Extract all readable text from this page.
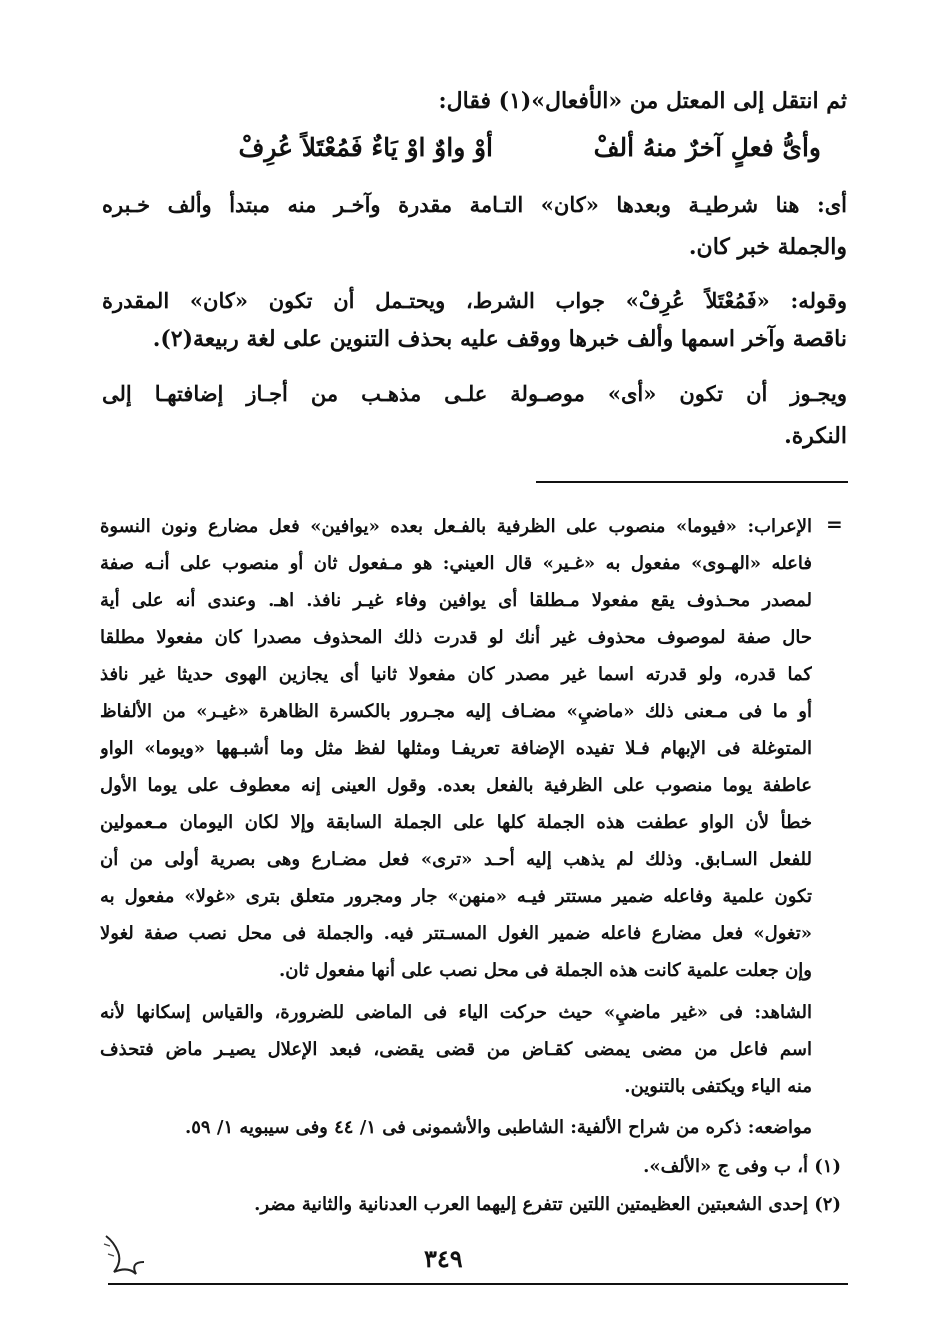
ثم انتقل إلى المعتل من «الأفعال»(١) فقال:
وأىُّ فعلٍ آخرٌ منهُ ألفْ
أوْ واوٌ اوْ يَاءٌ فَمُعْتَلاً عُرِفْ
أى: هنا شرطيـة وبعدها «كان» التـامة مقدرة وآخـر منه مبتدأ وألف خـبره
والجملة خبر كان.
وقوله: «فَمُعْتَلاً عُرِفْ» جواب الشرط، ويحتـمل أن تكون «كان» المقدرة
ناقصة وآخر اسمها وألف خبرها ووقف عليه بحذف التنوين على لغة ربيعة(٢).
ويجـوز أن تكون «أى» موصـولة علـى مذهـب من أجـاز إضافتهـا إلى
النكرة.
=
الإعراب: «فيوما» منصوب على الظرفية بالفـعل بعده «يوافين» فعل مضارع ونون النسوة
فاعله «الهـوى» مفعول به «غـير» قال العيني: هو مـفعول ثان أو منصوب على أنـه صفة
لمصدر محـذوف يقع مفعولا مـطلقا أى يوافين وفاء غيـر نافذ. اهـ. وعندى أنه على أية
حال صفة لموصوف محذوف غير أنك لو قدرت ذلك المحذوف مصدرا كان مفعولا مطلقا
كما قدره، ولو قدرته اسما غير مصدر كان مفعولا ثانيا أى يجازين الهوى حديثا غير نافذ
أو ما فى مـعنى ذلك «ماضيِ» مضـاف إليه مجـرور بالكسرة الظاهرة «غيـر» من الألفاظ
المتوغلة فى الإبهام فـلا تفيده الإضافة تعريفـا ومثلها لفظ مثل وما أشبـهها «ويوما» الواو
عاطفة يوما منصوب على الظرفية بالفعل بعده. وقول العينى إنه معطوف على يوما الأول
خطأ لأن الواو عطفت هذه الجملة كلها على الجملة السابقة وإلا لكان اليومان مـعمولين
للفعل السـابق. وذلك لم يذهب إليه أحـد «ترى» فعل مضـارع وهى بصرية أولى من أن
تكون علمية وفاعله ضمير مستتر فيـه «منهن» جار ومجرور متعلق بترى «غولا» مفعول به
«تغول» فعل مضارع فاعله ضمير الغول المسـتتر فيه. والجملة فى محل نصب صفة لغولا
وإن جعلت علمية كانت هذه الجملة فى محل نصب على أنها مفعول ثان.
الشاهد: فى «غير ماضيِ» حيث حركت الياء فى الماضى للضرورة، والقياس إسكانها لأنه
اسم فاعل من مضى يمضى كقـاض من قضى يقضى، فبعد الإعلال يصيـر ماض فتحذف
منه الياء ويكتفى بالتنوين.
مواضعه: ذكره من شراح الألفية: الشاطبى والأشمونى فى ١/ ٤٤ وفى سيبويه ١/ ٥٩.
(١) أ، ب وفى ج «الألف».
(٢) إحدى الشعبتين العظيمتين اللتين تتفرع إليهما العرب العدنانية والثانية مضر.
٣٤٩
